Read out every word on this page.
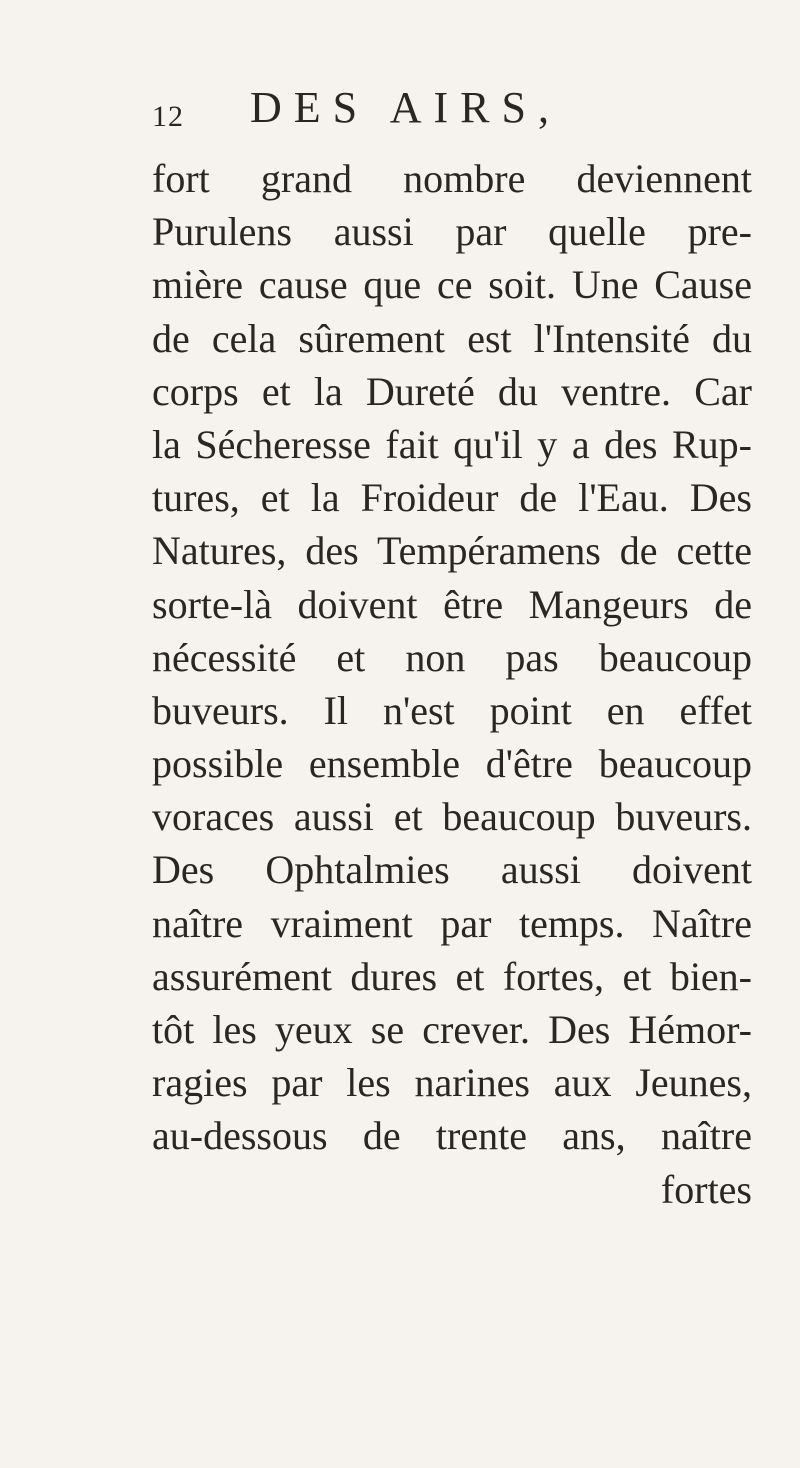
12 DES AIRS,
fort grand nombre deviennent
Purulens aussi par quelle pre-
mière cause que ce soit. Une Cause
de cela sûrement est l'Intensité du
corps et la Dureté du ventre. Car
la Sécheresse fait qu'il y a des Rup-
tures, et la Froideur de l'Eau. Des
Natures, des Tempéramens de cette
sorte-là doivent être Mangeurs de
nécessité et non pas beaucoup
buveurs. Il n'est point en effet
possible ensemble d'être beaucoup
voraces aussi et beaucoup buveurs.
Des Ophtalmies aussi doivent
naître vraiment par temps. Naître
assurément dures et fortes, et bien-
tôt les yeux se crever. Des Hémor-
ragies par les narines aux Jeunes,
au-dessous de trente ans, naître
fortes
